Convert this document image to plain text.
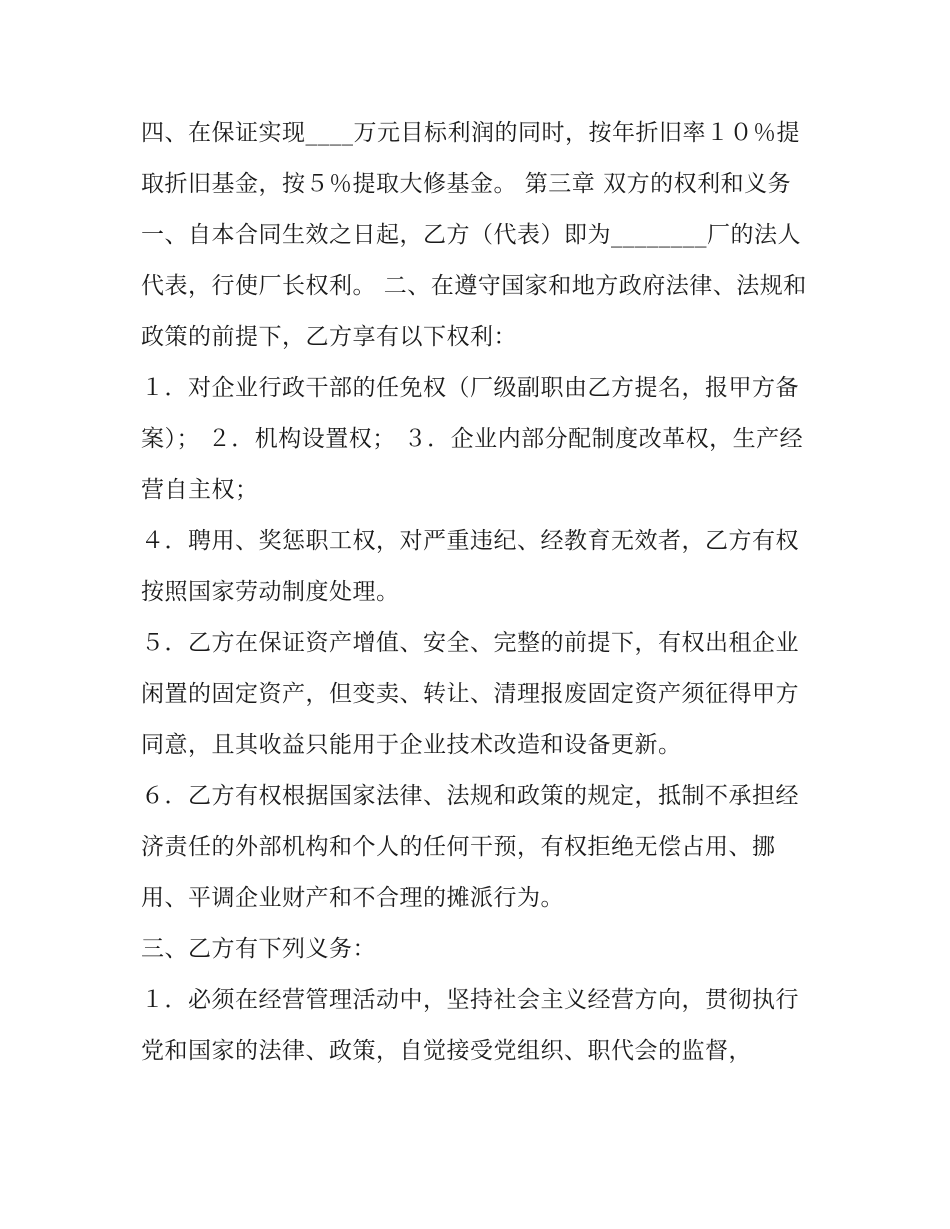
四、在保证实现____万元目标利润的同时，按年折旧率１０％提取折旧基金，按５％提取大修基金。 第三章 双方的权利和义务

一、自本合同生效之日起，乙方（代表）即为________厂的法人代表，行使厂长权利。 二、在遵守国家和地方政府法律、法规和政策的前提下，乙方享有以下权利：

１．对企业行政干部的任免权（厂级副职由乙方提名，报甲方备案）； ２．机构设置权； ３．企业内部分配制度改革权，生产经营自主权；

４．聘用、奖惩职工权，对严重违纪、经教育无效者，乙方有权按照国家劳动制度处理。

５．乙方在保证资产增值、安全、完整的前提下，有权出租企业闲置的固定资产，但变卖、转让、清理报废固定资产须征得甲方同意，且其收益只能用于企业技术改造和设备更新。

６．乙方有权根据国家法律、法规和政策的规定，抵制不承担经济责任的外部机构和个人的任何干预，有权拒绝无偿占用、挪用、平调企业财产和不合理的摊派行为。

三、乙方有下列义务：

１．必须在经营管理活动中，坚持社会主义经营方向，贯彻执行党和国家的法律、政策，自觉接受党组织、职代会的监督，
